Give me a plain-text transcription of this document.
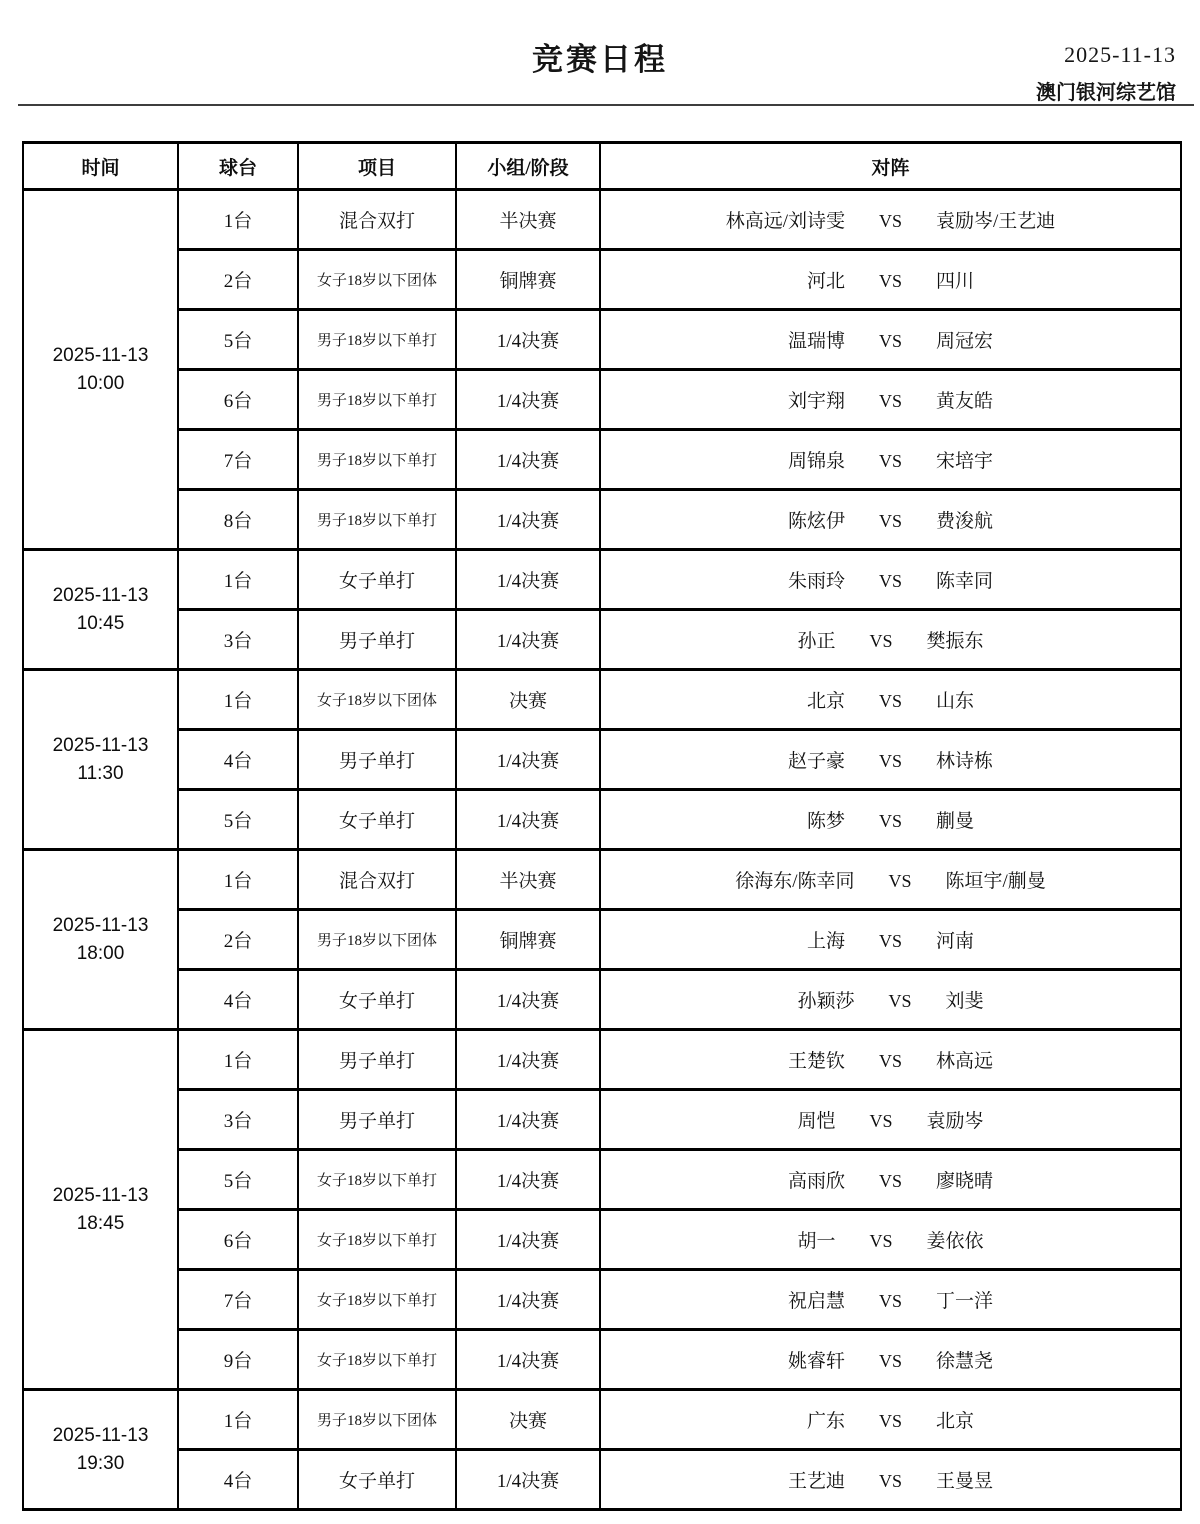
竞赛日程	2025-11-13
澳门银河综艺馆
时间	球台	项目	小组/阶段	对阵

2025-11-13
10:00
	1台	混合双打	半决赛	林高远/刘诗雯 VS 袁励岑/王艺迪

	2台	女子18岁以下团体	铜牌赛	河北 VS 四川

	5台	男子18岁以下单打	1/4决赛	温瑞博 VS 周冠宏

	6台	男子18岁以下单打	1/4决赛	刘宇翔 VS 黄友皓

	7台	男子18岁以下单打	1/4决赛	周锦泉 VS 宋培宇

	8台	男子18岁以下单打	1/4决赛	陈炫伊 VS 费浚航

2025-11-13
10:45
	1台	女子单打	1/4决赛	朱雨玲 VS 陈幸同

	3台	男子单打	1/4决赛	孙正 VS 樊振东

2025-11-13
11:30
	1台	女子18岁以下团体	决赛	北京 VS 山东

	4台	男子单打	1/4决赛	赵子豪 VS 林诗栋

	5台	女子单打	1/4决赛	陈梦 VS 蒯曼

2025-11-13
18:00
	1台	混合双打	半决赛	徐海东/陈幸同 VS 陈垣宇/蒯曼

	2台	男子18岁以下团体	铜牌赛	上海 VS 河南

	4台	女子单打	1/4决赛	孙颖莎 VS 刘斐

2025-11-13
18:45
	1台	男子单打	1/4决赛	王楚钦 VS 林高远

	3台	男子单打	1/4决赛	周恺 VS 袁励岑

	5台	女子18岁以下单打	1/4决赛	高雨欣 VS 廖晓晴

	6台	女子18岁以下单打	1/4决赛	胡一 VS 姜依依

	7台	女子18岁以下单打	1/4决赛	祝启慧 VS 丁一洋

	9台	女子18岁以下单打	1/4决赛	姚睿轩 VS 徐慧尧

2025-11-13
19:30
	1台	男子18岁以下团体	决赛	广东 VS 北京

	4台	女子单打	1/4决赛	王艺迪 VS 王曼昱
